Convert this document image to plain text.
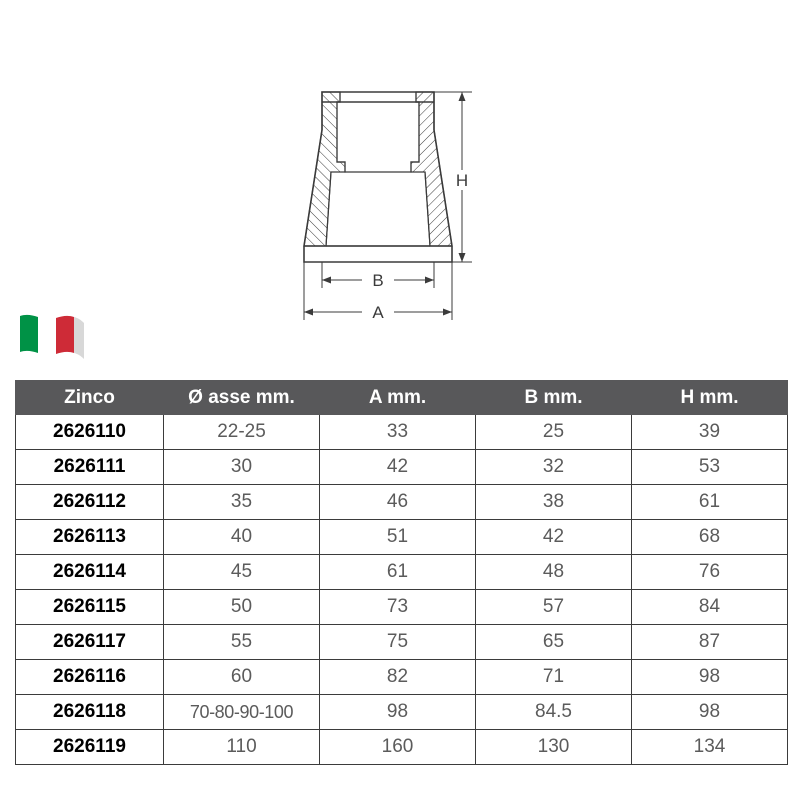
H
B
A
Zinco	Ø asse mm.	A mm.	B mm.	H mm.
2626110	22-25	33	25	39
2626111	30	42	32	53
2626112	35	46	38	61
2626113	40	51	42	68
2626114	45	61	48	76
2626115	50	73	57	84
2626117	55	75	65	87
2626116	60	82	71	98
2626118	70-80-90-100	98	84.5	98
2626119	110	160	130	134
